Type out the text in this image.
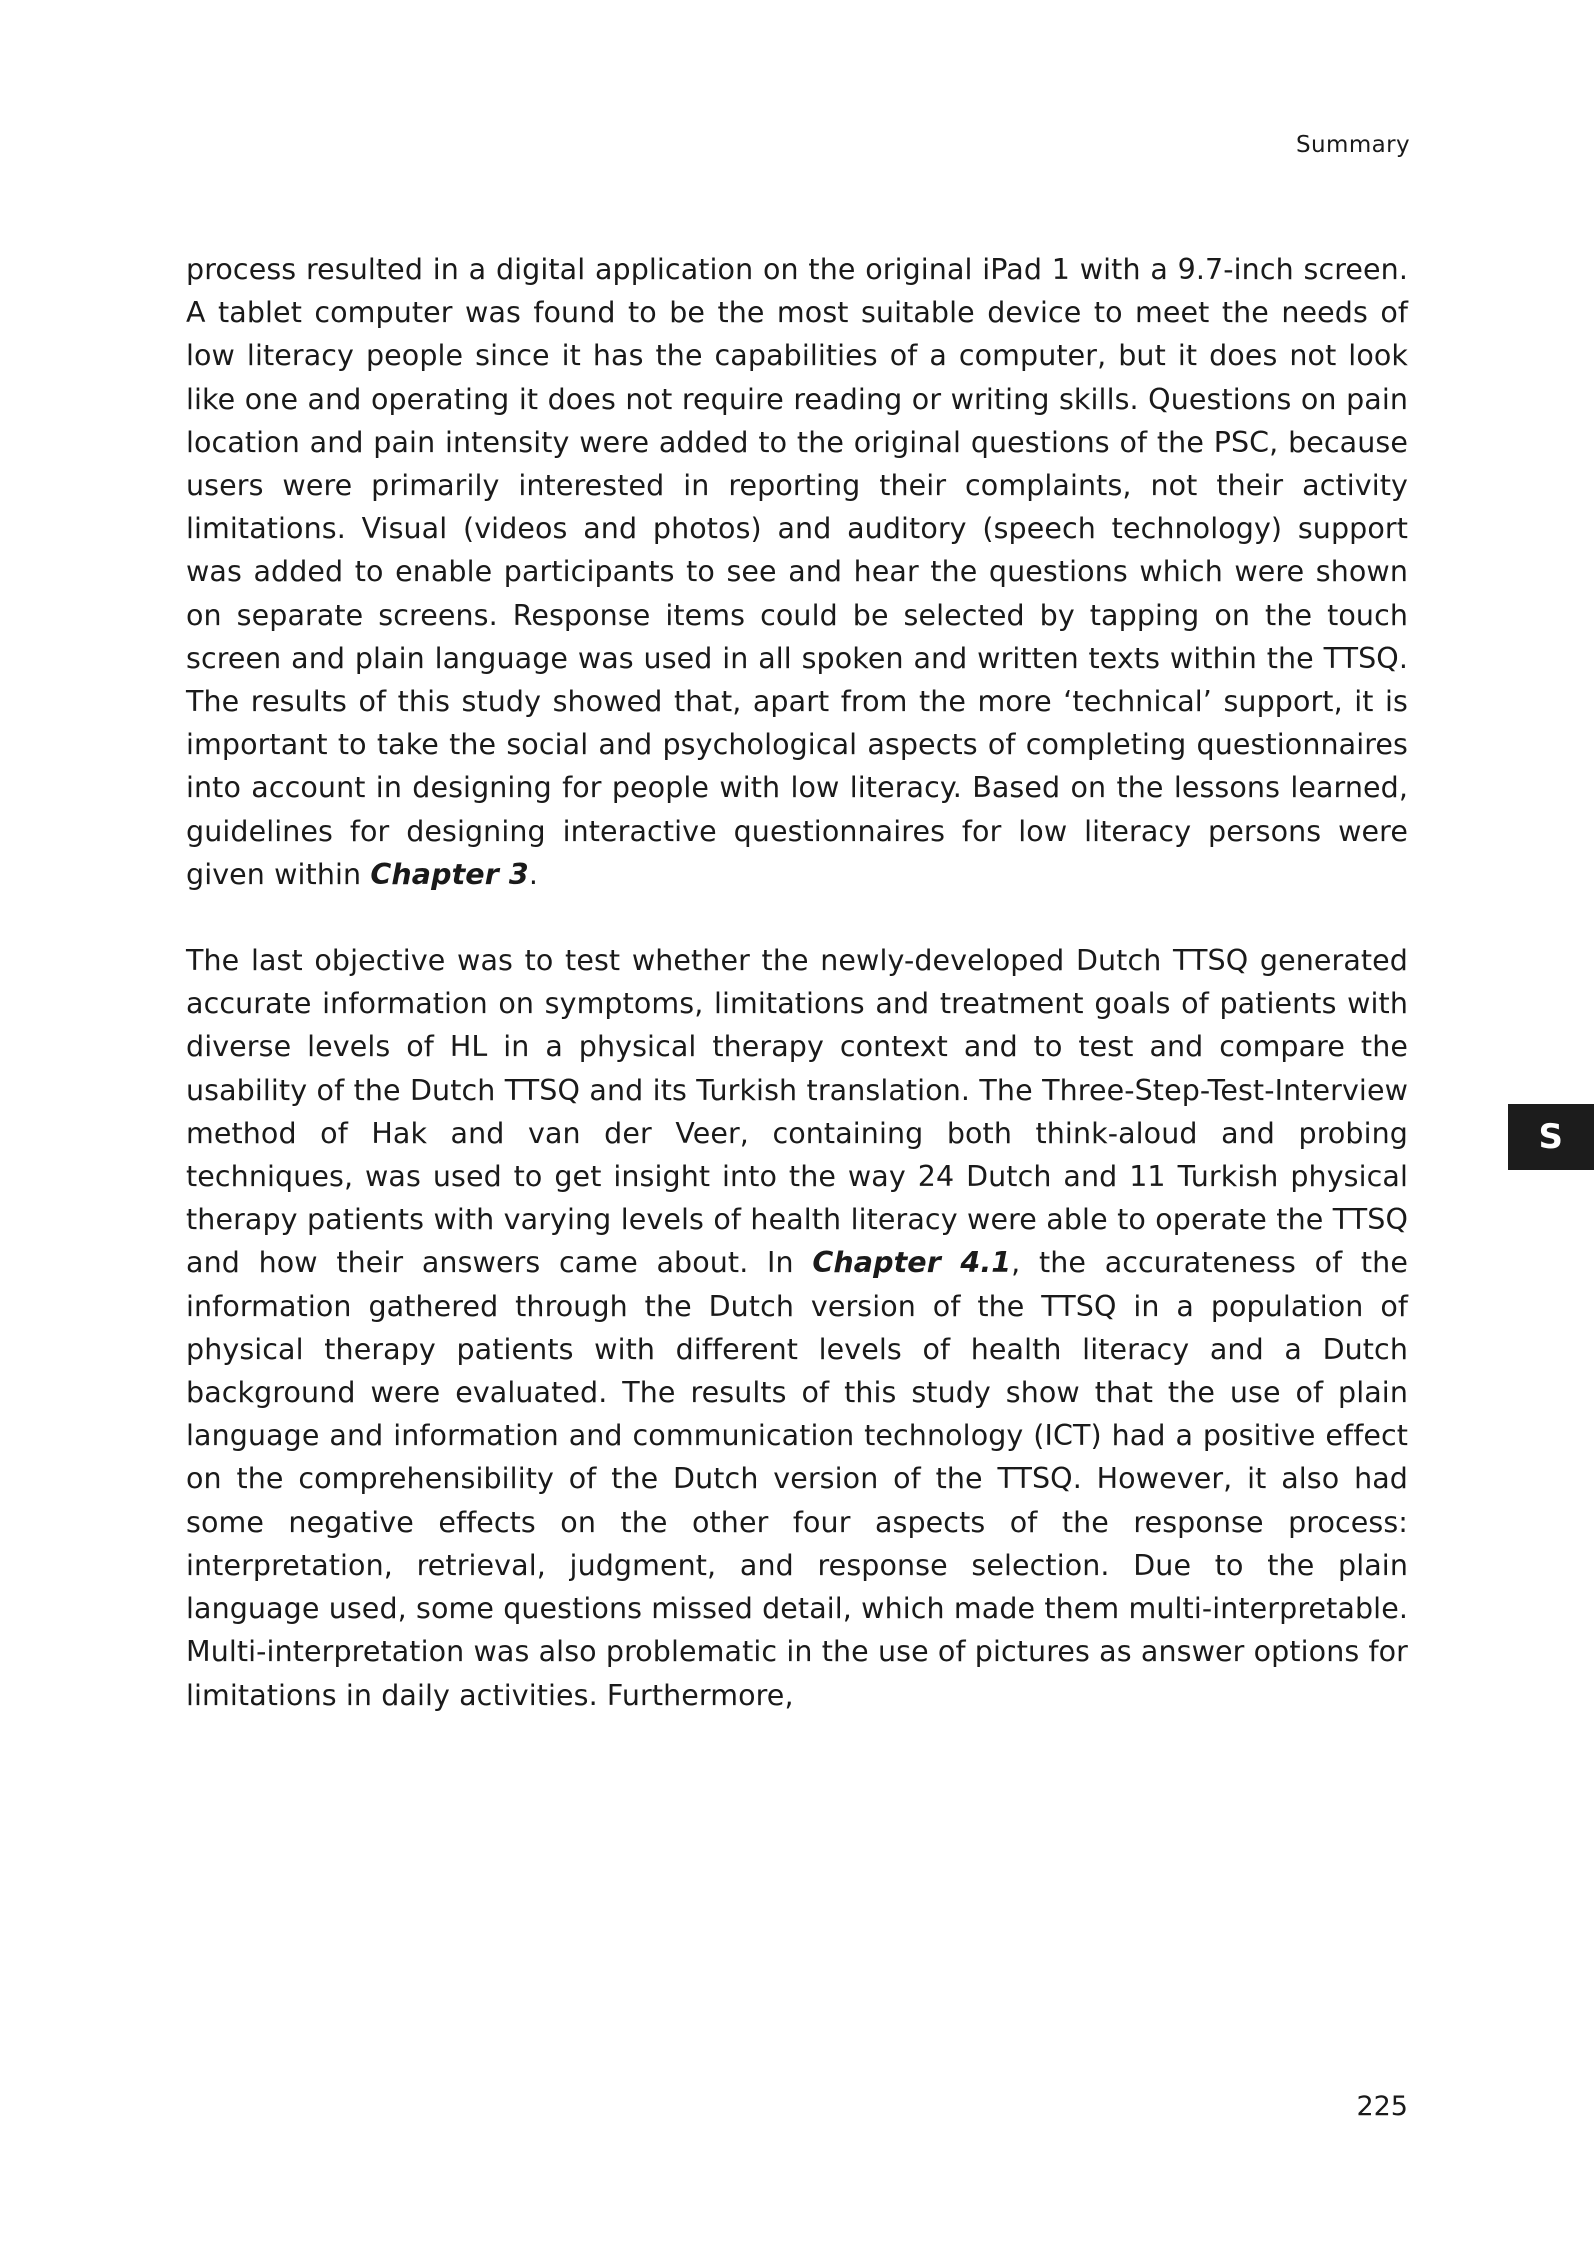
Summary

process resulted in a digital application on the original iPad 1 with a 9.7-inch screen. A tablet computer was found to be the most suitable device to meet the needs of low literacy people since it has the capabilities of a computer, but it does not look like one and operating it does not require reading or writing skills. Questions on pain location and pain intensity were added to the original questions of the PSC, because users were primarily interested in reporting their complaints, not their activity limitations. Visual (videos and photos) and auditory (speech technology) support was added to enable participants to see and hear the questions which were shown on separate screens. Response items could be selected by tapping on the touch screen and plain language was used in all spoken and written texts within the TTSQ. The results of this study showed that, apart from the more ‘technical’ support, it is important to take the social and psychological aspects of completing questionnaires into account in designing for people with low literacy. Based on the lessons learned, guidelines for designing interactive questionnaires for low literacy persons were given within Chapter 3.

The last objective was to test whether the newly-developed Dutch TTSQ generated accurate information on symptoms, limitations and treatment goals of patients with diverse levels of HL in a physical therapy context and to test and compare the usability of the Dutch TTSQ and its Turkish translation. The Three-Step-Test-Interview method of Hak and van der Veer, containing both think-aloud and probing techniques, was used to get insight into the way 24 Dutch and 11 Turkish physical therapy patients with varying levels of health literacy were able to operate the TTSQ and how their answers came about. In Chapter 4.1, the accurateness of the information gathered through the Dutch version of the TTSQ in a population of physical therapy patients with different levels of health literacy and a Dutch background were evaluated. The results of this study show that the use of plain language and information and communication technology (ICT) had a positive effect on the comprehensibility of the Dutch version of the TTSQ. However, it also had some negative effects on the other four aspects of the response process: interpretation, retrieval, judgment, and response selection. Due to the plain language used, some questions missed detail, which made them multi-interpretable. Multi-interpretation was also problematic in the use of pictures as answer options for limitations in daily activities. Furthermore,

S
225
